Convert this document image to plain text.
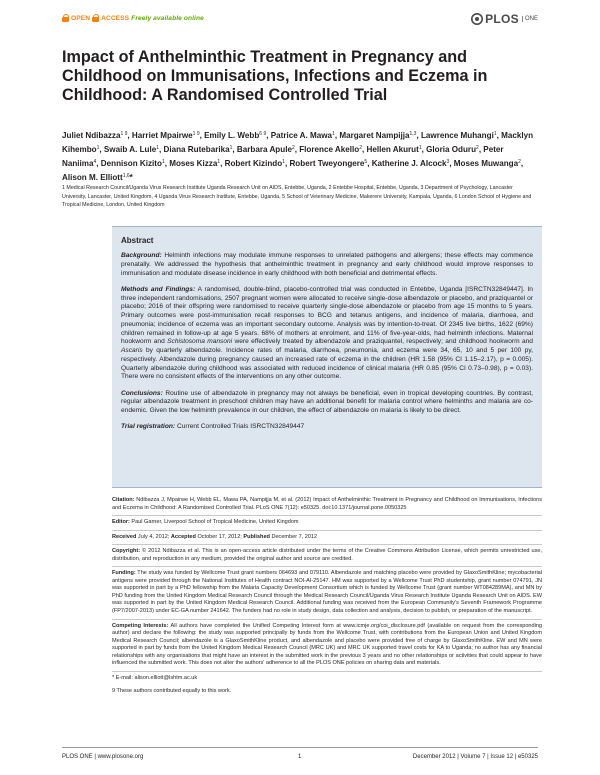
OPEN ACCESS Freely available online	PLOS	ONE
Impact of Anthelminthic Treatment in Pregnancy and Childhood on Immunisations, Infections and Eczema in Childhood: A Randomised Controlled Trial
Juliet Ndibazza$^{1 9}$, Harriet Mpairwe$^{1 9}$, Emily L. Webb$^{6 9}$, Patrice A. Mawa$^1$, Margaret Nampijja$^{1,3}$, Lawrence Muhangi$^1$, Macklyn Kihembo$^1$, Swaib A. Lule$^1$, Diana Rutebarika$^1$, Barbara Apule$^2$, Florence Akello$^2$, Hellen Akurut$^1$, Gloria Oduru$^2$, Peter Naniima$^4$, Dennison Kizito$^1$, Moses Kizza$^1$, Robert Kizindo$^1$, Robert Tweyongere$^5$, Katherine J. Alcock$^3$, Moses Muwanga$^2$, Alison M. Elliott$^{1,6}$*
1 Medical Research Council/Uganda Virus Research Institute Uganda Research Unit on AIDS, Entebbe, Uganda, 2 Entebbe Hospital, Entebbe, Uganda, 3 Department of Psychology, Lancaster University, Lancaster, United Kingdom, 4 Uganda Virus Research Institute, Entebbe, Uganda, 5 School of Veterinary Medicine, Makerere University, Kampala, Uganda, 6 London School of Hygiene and Tropical Medicine, London, United Kingdom
Abstract

Background: Helminth infections may modulate immune responses to unrelated pathogens and allergens; these effects may commence prenatally. We addressed the hypothesis that anthelminthic treatment in pregnancy and early childhood would improve responses to immunisation and modulate disease incidence in early childhood with both beneficial and detrimental effects.

Methods and Findings: A randomised, double-blind, placebo-controlled trial was conducted in Entebbe, Uganda [ISRCTN32849447]. In three independent randomisations, 2507 pregnant women were allocated to receive single-dose albendazole or placebo, and praziquantel or placebo; 2016 of their offspring were randomised to receive quarterly single-dose albendazole or placebo from age 15 months to 5 years. Primary outcomes were post-immunisation recall responses to BCG and tetanus antigens, and incidence of malaria, diarrhoea, and pneumonia; incidence of eczema was an important secondary outcome. Analysis was by intention-to-treat. Of 2345 live births, 1622 (69%) children remained in follow-up at age 5 years. 68% of mothers at enrolment, and 11% of five-year-olds, had helminth infections. Maternal hookworm and Schistosoma mansoni were effectively treated by albendazole and praziquantel, respectively; and childhood hookworm and Ascaris by quarterly albendazole. Incidence rates of malaria, diarrhoea, pneumonia, and eczema were 34, 65, 10 and 5 per 100 py, respectively. Albendazole during pregnancy caused an increased rate of eczema in the children (HR 1.58 (95% CI 1.15–2.17), p = 0.005). Quarterly albendazole during childhood was associated with reduced incidence of clinical malaria (HR 0.85 (95% CI 0.73–0.98), p = 0.03). There were no consistent effects of the interventions on any other outcome.

Conclusions: Routine use of albendazole in pregnancy may not always be beneficial, even in tropical developing countries. By contrast, regular albendazole treatment in preschool children may have an additional benefit for malaria control where helminths and malaria are co-endemic. Given the low helminth prevalence in our children, the effect of albendazole on malaria is likely to be direct.

Trial registration: Current Controlled Trials ISRCTN32849447

Citation: Ndibazza J, Mpairwe H, Webb EL, Mawa PA, Nampijja M, et al. (2012) Impact of Anthelminthic Treatment in Pregnancy and Childhood on Immunisations, Infections and Eczema in Childhood: A Randomised Controlled Trial. PLoS ONE 7(12): e50325. doi:10.1371/journal.pone.0050325
Editor: Paul Garner, Liverpool School of Tropical Medicine, United Kingdom
Received July 4, 2012; Accepted October 17, 2012; Published December 7, 2012
Copyright: © 2012 Ndibazza et al. This is an open-access article distributed under the terms of the Creative Commons Attribution License, which permits unrestricted use, distribution, and reproduction in any medium, provided the original author and source are credited.
Funding: The study was funded by Wellcome Trust grant numbers 064693 and 079110. Albendazole and matching placebo were provided by GlaxoSmithKline; mycobacterial antigens were provided through the National Institutes of Health contract NOI-AI-25147. HM was supported by a Wellcome Trust PhD studentship, grant number 074791, JN was supported in part by a PhD fellowship from the Malaria Capacity Development Consortium which is funded by Wellcome Trust (grant number WT084289MA), and MN by PhD funding from the United Kingdom Medical Research Council through the Medical Research Council/Uganda Virus Research Institute Uganda Research Unit on AIDS. EW was supported in part by the United Kingdom Medical Research Council. Additional funding was received from the European Community's Seventh Framework Programme (FP7/2007-2013) under EC-GA number 241642. The funders had no role in study design, data collection and analysis, decision to publish, or preparation of the manuscript.
Competing Interests: All authors have completed the Unified Competing Interest form at www.icmje.org/coi_disclosure.pdf (available on request from the corresponding author) and declare the following: the study was supported principally by funds from the Wellcome Trust, with contributions from the European Union and United Kingdom Medical Research Council; albendazole is a GlaxoSmithKline product, and albendazole and placebo were provided free of charge by GlaxoSmithKline. EW and MN were supported in part by funds from the United Kingdom Medical Research Council (MRC UK) and MRC UK supported travel costs for KA to Uganda; no author has any financial relationships with any organisations that might have an interest in the submitted work in the previous 3 years and no other relationships or activities that could appear to have influenced the submitted work. This does not alter the authors' adherence to all the PLOS ONE policies on sharing data and materials.
* E-mail: alison.elliott@lshtm.ac.uk
9 These authors contributed equally to this work.
PLOS ONE | www.plosone.org	1	December 2012 | Volume 7 | Issue 12 | e50325
